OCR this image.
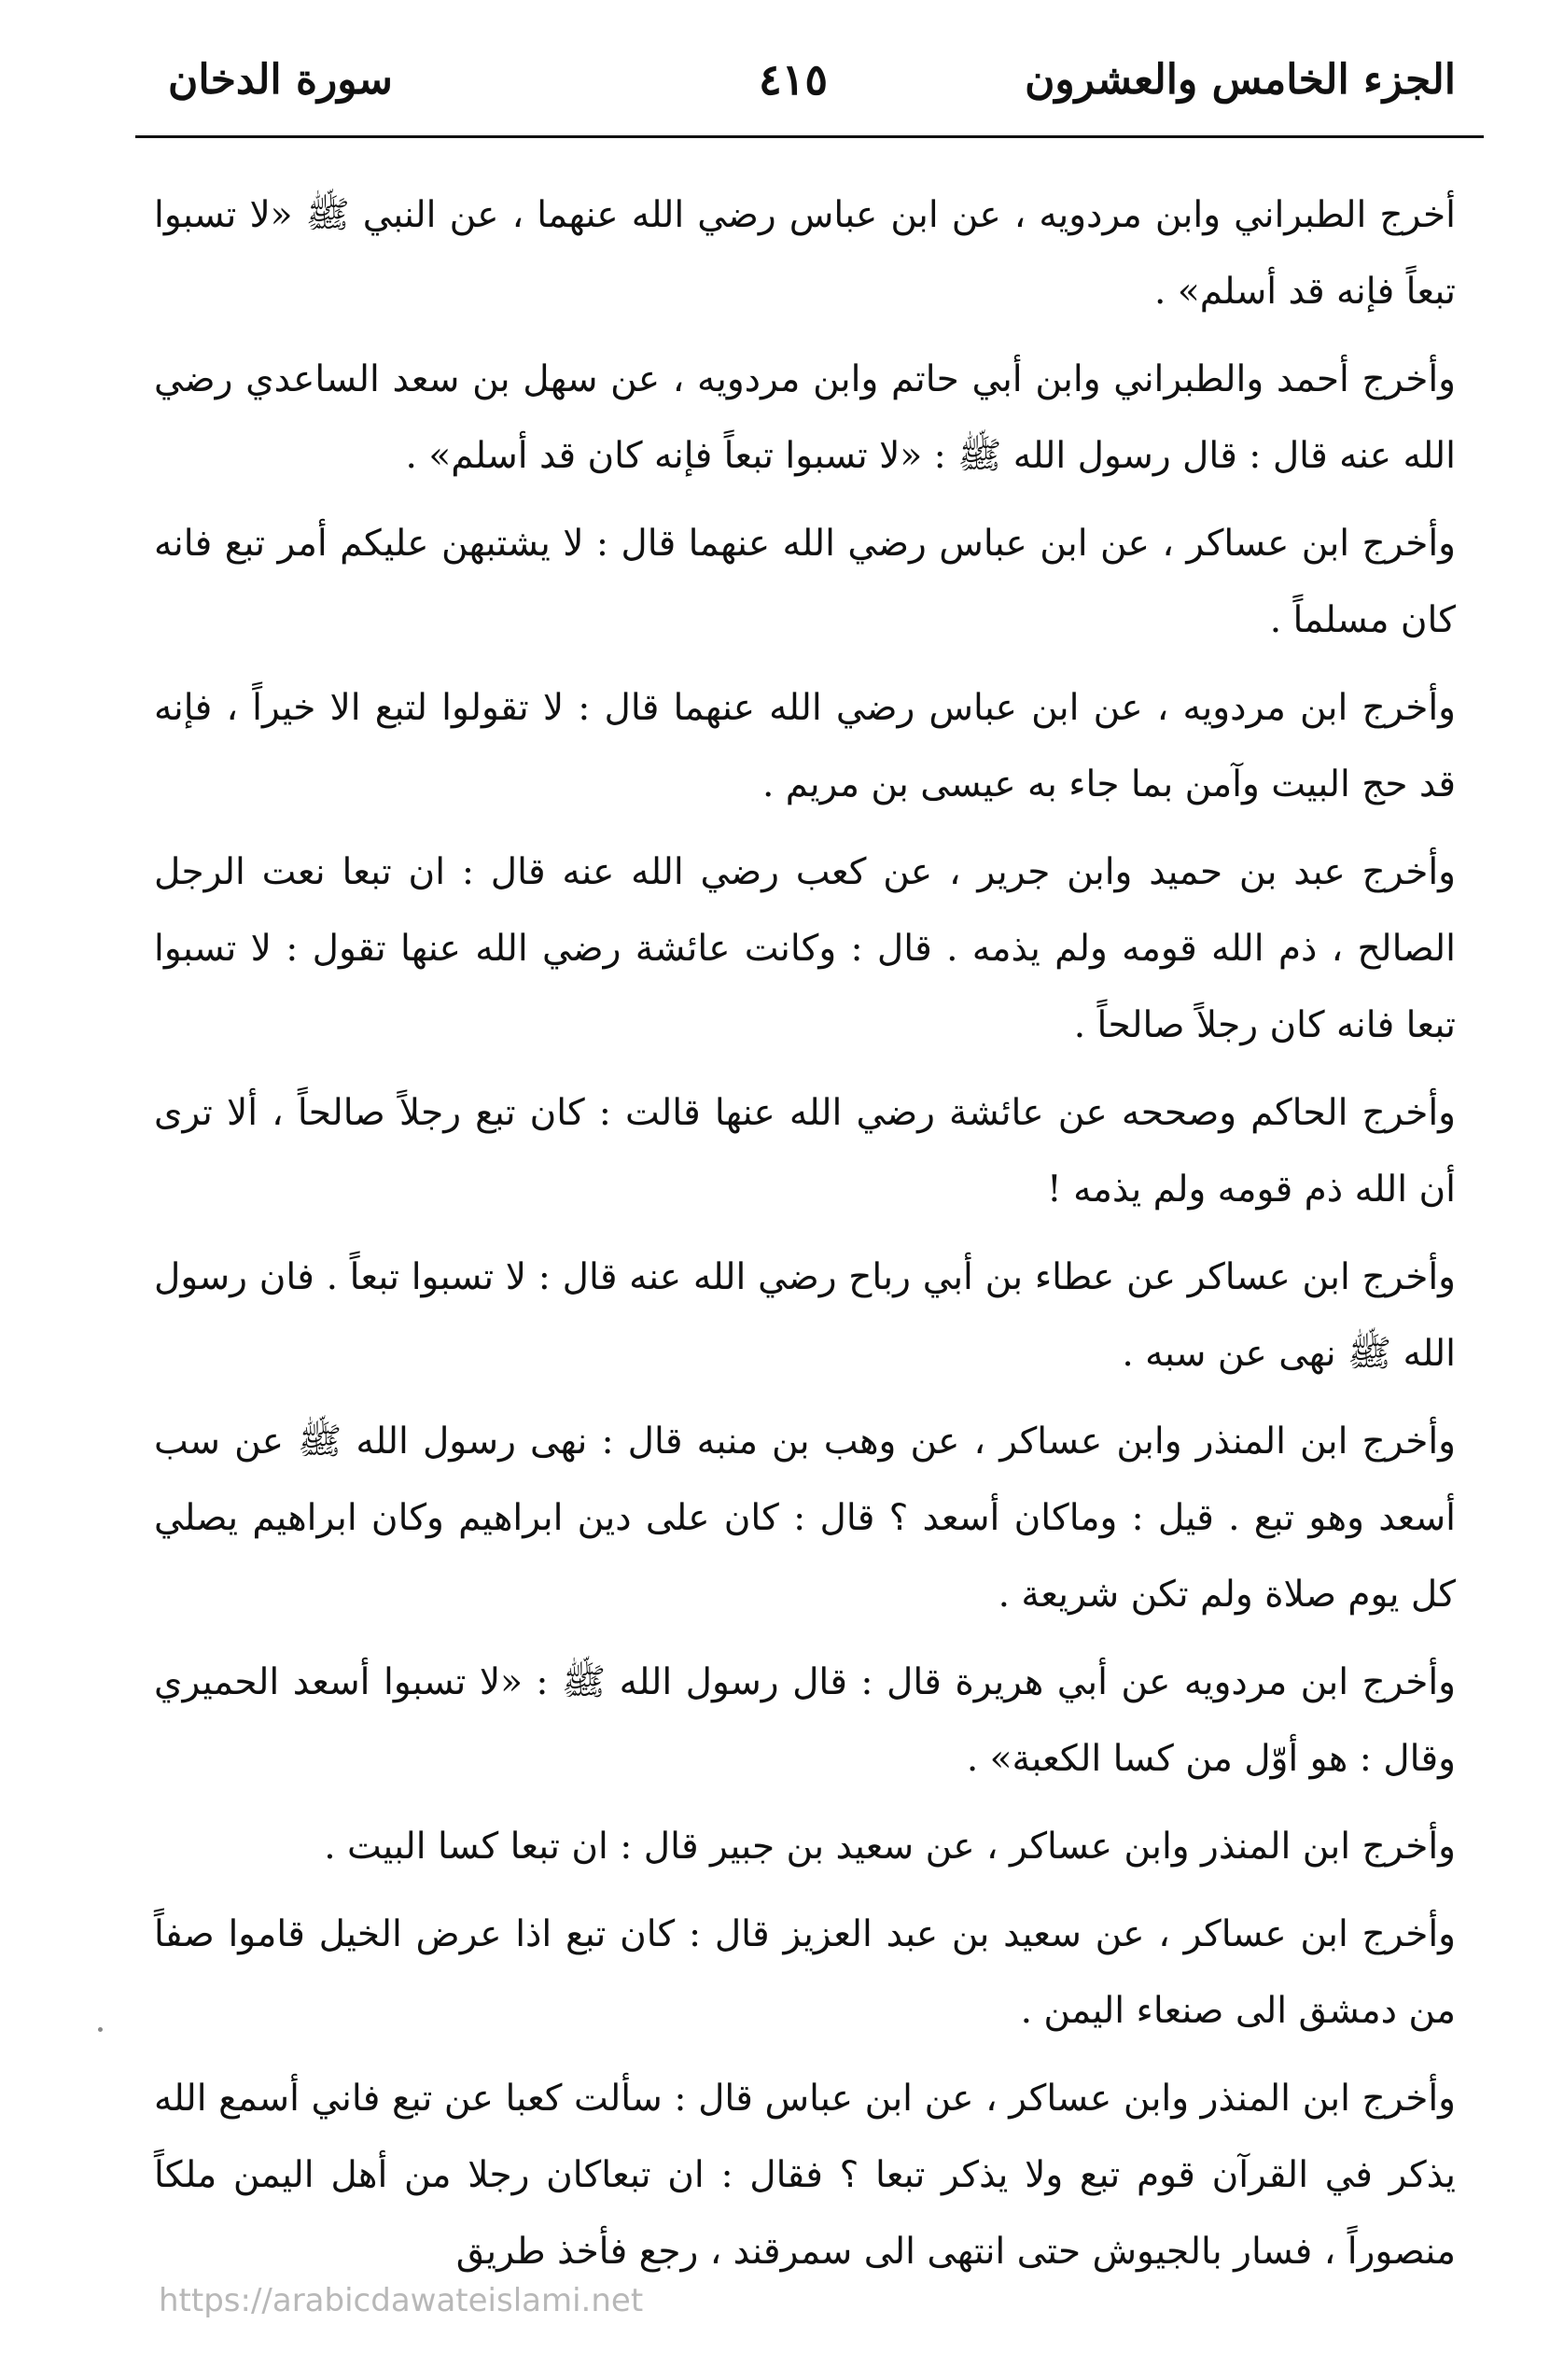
الجزء الخامس والعشرون
٤١٥
سورة الدخان

أخرج الطبراني وابن مردويه ، عن ابن عباس رضي الله عنهما ، عن النبي ﷺ «لا تسبوا تبعاً فإنه قد أسلم» .

وأخرج أحمد والطبراني وابن أبي حاتم وابن مردويه ، عن سهل بن سعد الساعدي رضي الله عنه قال : قال رسول الله ﷺ : «لا تسبوا تبعاً فإنه كان قد أسلم» .

وأخرج ابن عساكر ، عن ابن عباس رضي الله عنهما قال : لا يشتبهن عليكم أمر تبع فانه كان مسلماً .

وأخرج ابن مردويه ، عن ابن عباس رضي الله عنهما قال : لا تقولوا لتبع الا خيراً ، فإنه قد حج البيت وآمن بما جاء به عيسى بن مريم .

وأخرج عبد بن حميد وابن جرير ، عن كعب رضي الله عنه قال : ان تبعا نعت الرجل الصالح ، ذم الله قومه ولم يذمه . قال : وكانت عائشة رضي الله عنها تقول : لا تسبوا تبعا فانه كان رجلاً صالحاً .

وأخرج الحاكم وصححه عن عائشة رضي الله عنها قالت : كان تبع رجلاً صالحاً ، ألا ترى أن الله ذم قومه ولم يذمه !

وأخرج ابن عساكر عن عطاء بن أبي رباح رضي الله عنه قال : لا تسبوا تبعاً . فان رسول الله ﷺ نهى عن سبه .

وأخرج ابن المنذر وابن عساكر ، عن وهب بن منبه قال : نهى رسول الله ﷺ عن سب أسعد وهو تبع . قيل : وماكان أسعد ؟ قال : كان على دين ابراهيم وكان ابراهيم يصلي كل يوم صلاة ولم تكن شريعة .

وأخرج ابن مردويه عن أبي هريرة قال : قال رسول الله ﷺ : «لا تسبوا أسعد الحميري وقال : هو أوّل من كسا الكعبة» .

وأخرج ابن المنذر وابن عساكر ، عن سعيد بن جبير قال : ان تبعا كسا البيت .

وأخرج ابن عساكر ، عن سعيد بن عبد العزيز قال : كان تبع اذا عرض الخيل قاموا صفاً من دمشق الى صنعاء اليمن .

وأخرج ابن المنذر وابن عساكر ، عن ابن عباس قال : سألت كعبا عن تبع فاني أسمع الله يذكر في القرآن قوم تبع ولا يذكر تبعا ؟ فقال : ان تبعاكان رجلا من أهل اليمن ملكاً منصوراً ، فسار بالجيوش حتى انتهى الى سمرقند ، رجع فأخذ طريق

https://arabicdawateislami.net
